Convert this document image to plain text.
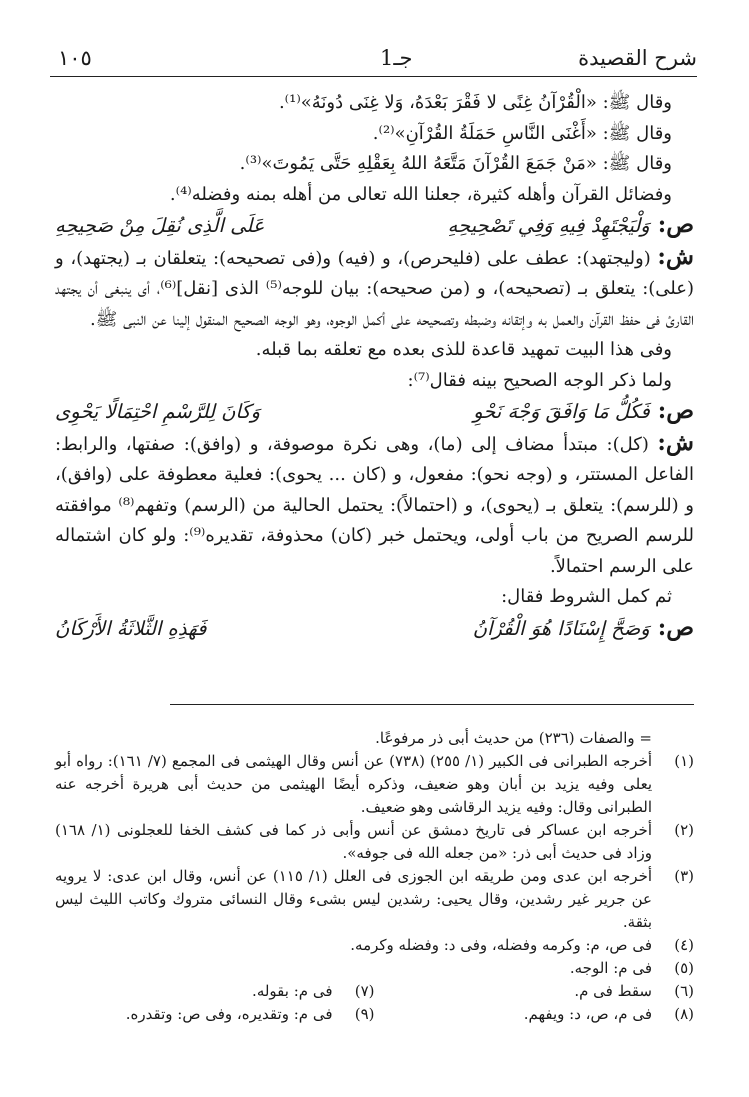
شرح القصيدة
جـ1
١٠٥

وقال ﷺ: «الْقُرْآنُ غِنًى لا فَقْرَ بَعْدَهُ، وَلا غِنَى دُونَهُ»⁽¹⁾.

وقال ﷺ: «أَغْنَى النَّاسِ حَمَلَةُ القُرْآنِ»⁽²⁾.

وقال ﷺ: «مَنْ جَمَعَ القُرْآنَ مَتَّعَهُ اللهُ بِعَقْلِهِ حَتَّى يَمُوتَ»⁽³⁾.

وفضائل القرآن وأهله كثيرة، جعلنا الله تعالى من أهله بمنه وفضله⁽⁴⁾.

ص:
وَلْيَجْتَهِدْ فِيهِ وَفِي تَصْحِيحِهِ
عَلَى الَّذِى نُقِلَ مِنْ صَحِيحِهِ

ش: (وليجتهد): عطف على (فليحرص)، و (فيه) و(فى تصحيحه): يتعلقان بـ (يجتهد)، و (على): يتعلق بـ (تصحيحه)، و (من صحيحه): بيان للوجه⁽⁵⁾ الذى [نقل]⁽⁶⁾، أى ينبغى أن يجتهد القارئ فى حفظ القرآن والعمل به وإتقانه وضبطه وتصحيحه على أكمل الوجوه، وهو الوجه الصحيح المنقول إلينا عن النبى ﷺ.

وفى هذا البيت تمهيد قاعدة للذى بعده مع تعلقه بما قبله.

ولما ذكر الوجه الصحيح بينه فقال⁽⁷⁾:

ص:
فَكُلُّ مَا وَافَقَ وَجْهَ نَحْوِ
وَكَانَ لِلرَّسْمِ احْتِمَالًا يَحْوِى

ش: (كل): مبتدأ مضاف إلى (ما)، وهى نكرة موصوفة، و (وافق): صفتها، والرابط: الفاعل المستتر، و (وجه نحو): مفعول، و (كان ... يحوى): فعلية معطوفة على (وافق)، و (للرسم): يتعلق بـ (يحوى)، و (احتمالاً): يحتمل الحالية من (الرسم) وتفهم⁽⁸⁾ موافقته للرسم الصريح من باب أولى، ويحتمل خبر (كان) محذوفة، تقديره⁽⁹⁾: ولو كان اشتماله على الرسم احتمالاً.

ثم كمل الشروط فقال:

ص:
وَصَحَّ إِسْنَادًا هُوَ الْقُرْآنُ
فَهَذِهِ الثَّلاثَةُ الأَرْكَانُ
= والصفات (٢٣٦) من حديث أبى ذر مرفوعًا.
(١)
أخرجه الطبرانى فى الكبير (١/ ٢٥٥) (٧٣٨) عن أنس وقال الهيثمى فى المجمع (٧/ ١٦١): رواه أبو يعلى وفيه يزيد بن أبان وهو ضعيف، وذكره أيضًا الهيثمى من حديث أبى هريرة أخرجه عنه الطبرانى وقال: وفيه يزيد الرقاشى وهو ضعيف.
(٢)
أخرجه ابن عساكر فى تاريخ دمشق عن أنس وأبى ذر كما فى كشف الخفا للعجلونى (١/ ١٦٨) وزاد فى حديث أبى ذر: «من جعله الله فى جوفه».
(٣)
أخرجه ابن عدى ومن طريقه ابن الجوزى فى العلل (١/ ١١٥) عن أنس، وقال ابن عدى: لا يرويه عن جرير غير رشدين، وقال يحيى: رشدين ليس بشىء وقال النسائى متروك وكاتب الليث ليس بثقة.
(٤)
فى ص، م: وكرمه وفضله، وفى د: وفضله وكرمه.
(٥)
فى م: الوجه.
(٦)
سقط فى م.
(٧)
فى م: بقوله.
(٨)
فى م، ص، د: ويفهم.
(٩)
فى م: وتقديره، وفى ص: وتقدره.
